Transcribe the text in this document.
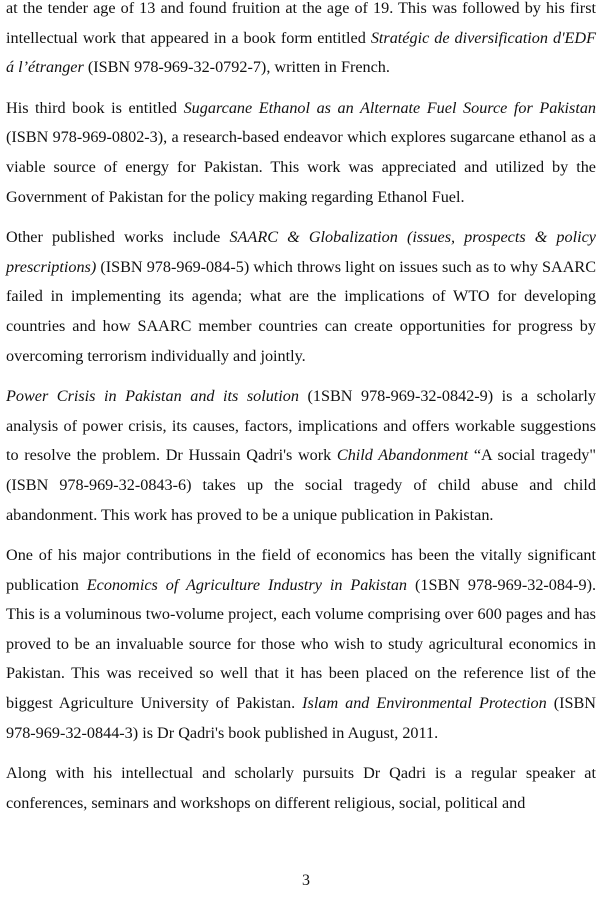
at the tender age of 13 and found fruition at the age of 19. This was followed by his first intellectual work that appeared in a book form entitled Stratégic de diversification d'EDF á l’étranger (ISBN 978-969-32-0792-7), written in French.

His third book is entitled Sugarcane Ethanol as an Alternate Fuel Source for Pakistan (ISBN 978-969-0802-3), a research-based endeavor which explores sugarcane ethanol as a viable source of energy for Pakistan. This work was appreciated and utilized by the Government of Pakistan for the policy making regarding Ethanol Fuel.

Other published works include SAARC & Globalization (issues, prospects & policy prescriptions) (ISBN 978-969-084-5) which throws light on issues such as to why SAARC failed in implementing its agenda; what are the implications of WTO for developing countries and how SAARC member countries can create opportunities for progress by overcoming terrorism individually and jointly.

Power Crisis in Pakistan and its solution (1SBN 978-969-32-0842-9) is a scholarly analysis of power crisis, its causes, factors, implications and offers workable suggestions to resolve the problem. Dr Hussain Qadri's work Child Abandonment “A social tragedy"(ISBN 978-969-32-0843-6) takes up the social tragedy of child abuse and child abandonment. This work has proved to be a unique publication in Pakistan.

One of his major contributions in the field of economics has been the vitally significant publication Economics of Agriculture Industry in Pakistan (1SBN 978-969-32-084-9). This is a voluminous two-volume project, each volume comprising over 600 pages and has proved to be an invaluable source for those who wish to study agricultural economics in Pakistan. This was received so well that it has been placed on the reference list of the biggest Agriculture University of Pakistan. Islam and Environmental Protection (ISBN 978-969-32-0844-3) is Dr Qadri's book published in August, 2011.

Along with his intellectual and scholarly pursuits Dr Qadri is a regular speaker at conferences, seminars and workshops on different religious, social, political and

3
